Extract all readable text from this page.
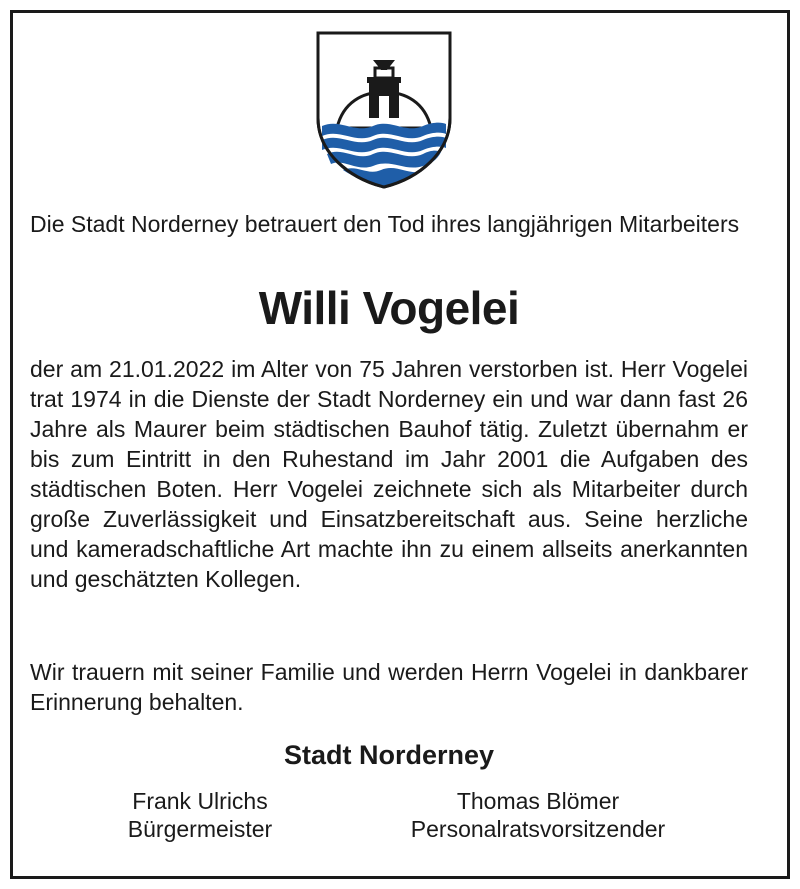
Die Stadt Norderney betrauert den Tod ihres langjährigen Mitarbeiters
Willi Vogelei
der am 21.01.2022 im Alter von 75 Jahren verstorben ist. Herr Vogelei trat 1974 in die Dienste der Stadt Norderney ein und war dann fast 26 Jahre als Maurer beim städtischen Bauhof tätig. Zuletzt übernahm er bis zum Eintritt in den Ruhestand im Jahr 2001 die Aufgaben des städtischen Boten. Herr Vogelei zeichnete sich als Mitarbeiter durch große Zuverlässigkeit und Einsatzbereitschaft aus. Seine herzliche und kameradschaftliche Art machte ihn zu einem allseits anerkannten und geschätzten Kollegen.
Wir trauern mit seiner Familie und werden Herrn Vogelei in dankbarer Erinnerung behalten.
Stadt Norderney
Frank Ulrichs
Bürgermeister
Thomas Blömer
Personalratsvorsitzender
